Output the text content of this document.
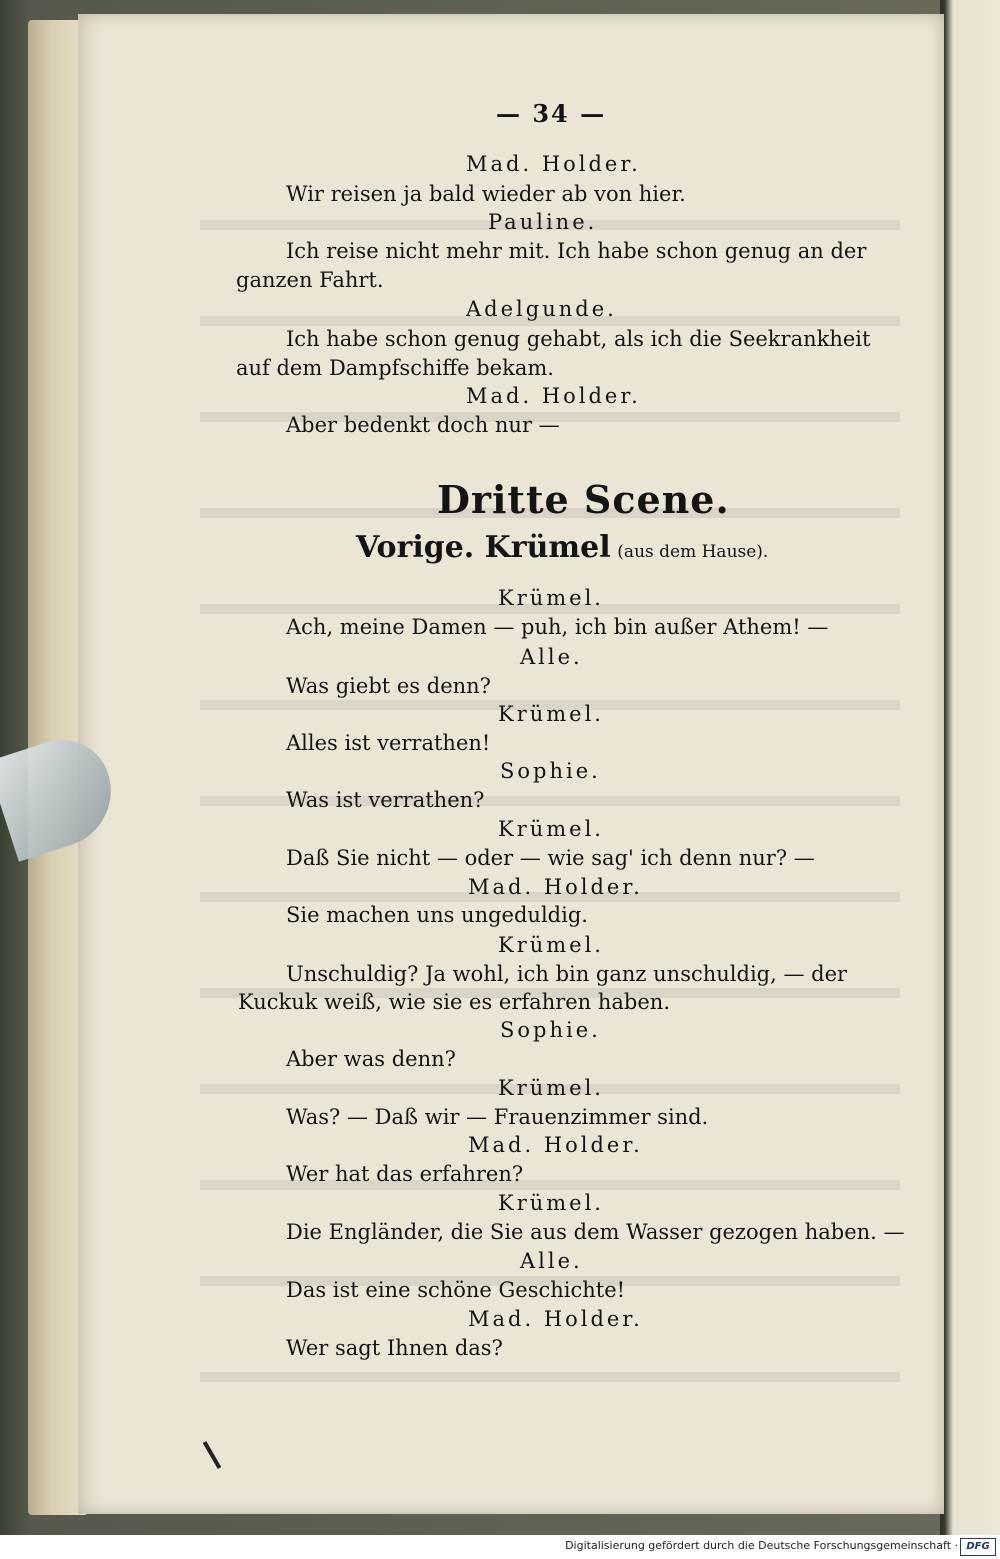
— 34 —
Mad. Holder.
Wir reisen ja bald wieder ab von hier.
Pauline.
Ich reise nicht mehr mit. Ich habe schon genug an der
ganzen Fahrt.
Adelgunde.
Ich habe schon genug gehabt, als ich die Seekrankheit
auf dem Dampfschiffe bekam.
Mad. Holder.
Aber bedenkt doch nur —
Dritte Scene.
Vorige. Krümel (aus dem Hause).
Krümel.
Ach, meine Damen — puh, ich bin außer Athem! —
Alle.
Was giebt es denn?
Krümel.
Alles ist verrathen!
Sophie.
Was ist verrathen?
Krümel.
Daß Sie nicht — oder — wie sag' ich denn nur? —
Mad. Holder.
Sie machen uns ungeduldig.
Krümel.
Unschuldig? Ja wohl, ich bin ganz unschuldig, — der
Kuckuk weiß, wie sie es erfahren haben.
Sophie.
Aber was denn?
Krümel.
Was? — Daß wir — Frauenzimmer sind.
Mad. Holder.
Wer hat das erfahren?
Krümel.
Die Engländer, die Sie aus dem Wasser gezogen haben. —
Alle.
Das ist eine schöne Geschichte!
Mad. Holder.
Wer sagt Ihnen das?
Digitalisierung gefördert durch die Deutsche Forschungsgemeinschaft · DFG
